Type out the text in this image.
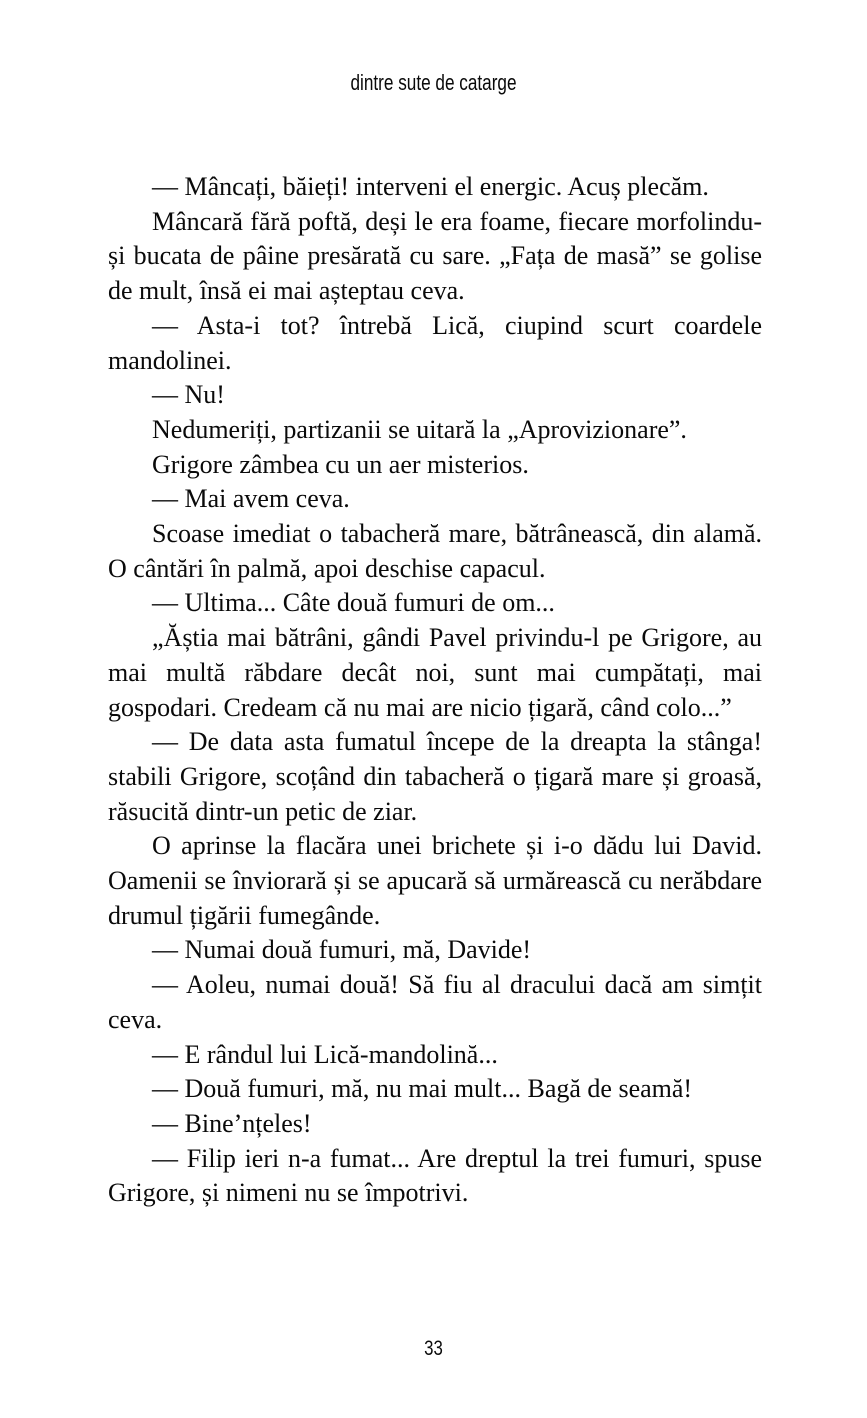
dintre sute de catarge

— Mâncați, băieți! interveni el energic. Acuș plecăm.

Mâncară fără poftă, deși le era foame, fiecare morfolindu-și bucata de pâine presărată cu sare. „Fața de masă” se golise de mult, însă ei mai așteptau ceva.

— Asta-i tot? întrebă Lică, ciupind scurt coardele mandolinei.

— Nu!

Nedumeriți, partizanii se uitară la „Aprovizionare”.

Grigore zâmbea cu un aer misterios.

— Mai avem ceva.

Scoase imediat o tabacheră mare, bătrânească, din alamă. O cântări în palmă, apoi deschise capacul.

— Ultima... Câte două fumuri de om...

„Ăștia mai bătrâni, gândi Pavel privindu-l pe Grigore, au mai multă răbdare decât noi, sunt mai cumpătați, mai gospodari. Credeam că nu mai are nicio țigară, când colo...”

— De data asta fumatul începe de la dreapta la stânga! stabili Grigore, scoțând din tabacheră o țigară mare și groasă, răsucită dintr-un petic de ziar.

O aprinse la flacăra unei brichete și i-o dădu lui David. Oamenii se înviorară și se apucară să urmărească cu nerăbdare drumul țigării fumegânde.

— Numai două fumuri, mă, Davide!

— Aoleu, numai două! Să fiu al dracului dacă am simțit ceva.

— E rândul lui Lică-mandolină...

— Două fumuri, mă, nu mai mult... Bagă de seamă!

— Bine’nțeles!

— Filip ieri n-a fumat... Are dreptul la trei fumuri, spuse Grigore, și nimeni nu se împotrivi.

33
